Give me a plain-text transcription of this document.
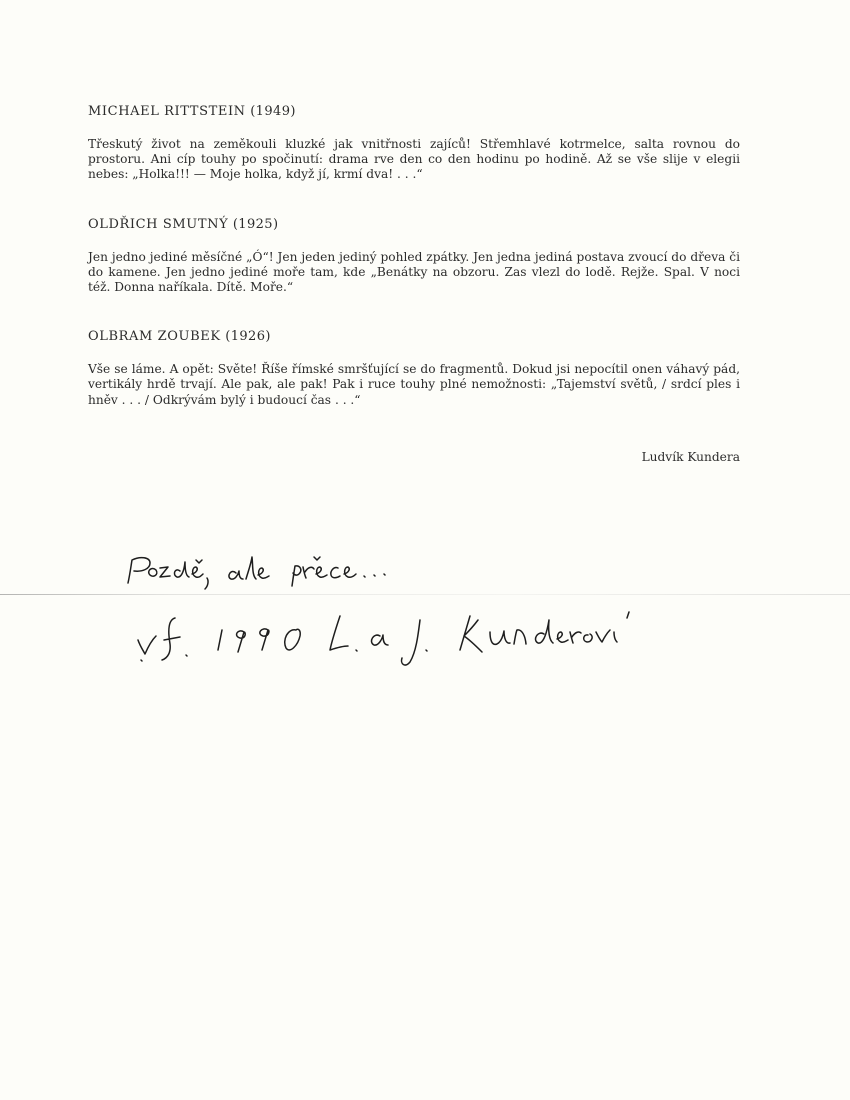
MICHAEL RITTSTEIN (1949)

Třeskutý život na zeměkouli kluzké jak vnitřnosti zajíců! Střemhlavé kotrmelce, salta rovnou do prostoru. Ani cíp touhy po spočinutí: drama rve den co den hodinu po hodině. Až se vše slije v elegii nebes: „Holka!!! — Moje holka, když jí, krmí dva! . . .“

OLDŘICH SMUTNÝ (1925)

Jen jedno jediné měsíčné „Ó“! Jen jeden jediný pohled zpátky. Jen jedna jediná postava zvoucí do dřeva či do kamene. Jen jedno jediné moře tam, kde „Benátky na obzoru. Zas vlezl do lodě. Rejže. Spal. V noci též. Donna naříkala. Dítě. Moře.“

OLBRAM ZOUBEK (1926)

Vše se láme. A opět: Světe! Říše římské smršťující se do fragmentů. Dokud jsi nepocítil onen váhavý pád, vertikály hrdě trvají. Ale pak, ale pak! Pak i ruce touhy plné nemožnosti: „Tajemství světů, / srdcí ples i hněv . . . / Odkrývám bylý i budoucí čas . . .“

Ludvík Kundera
